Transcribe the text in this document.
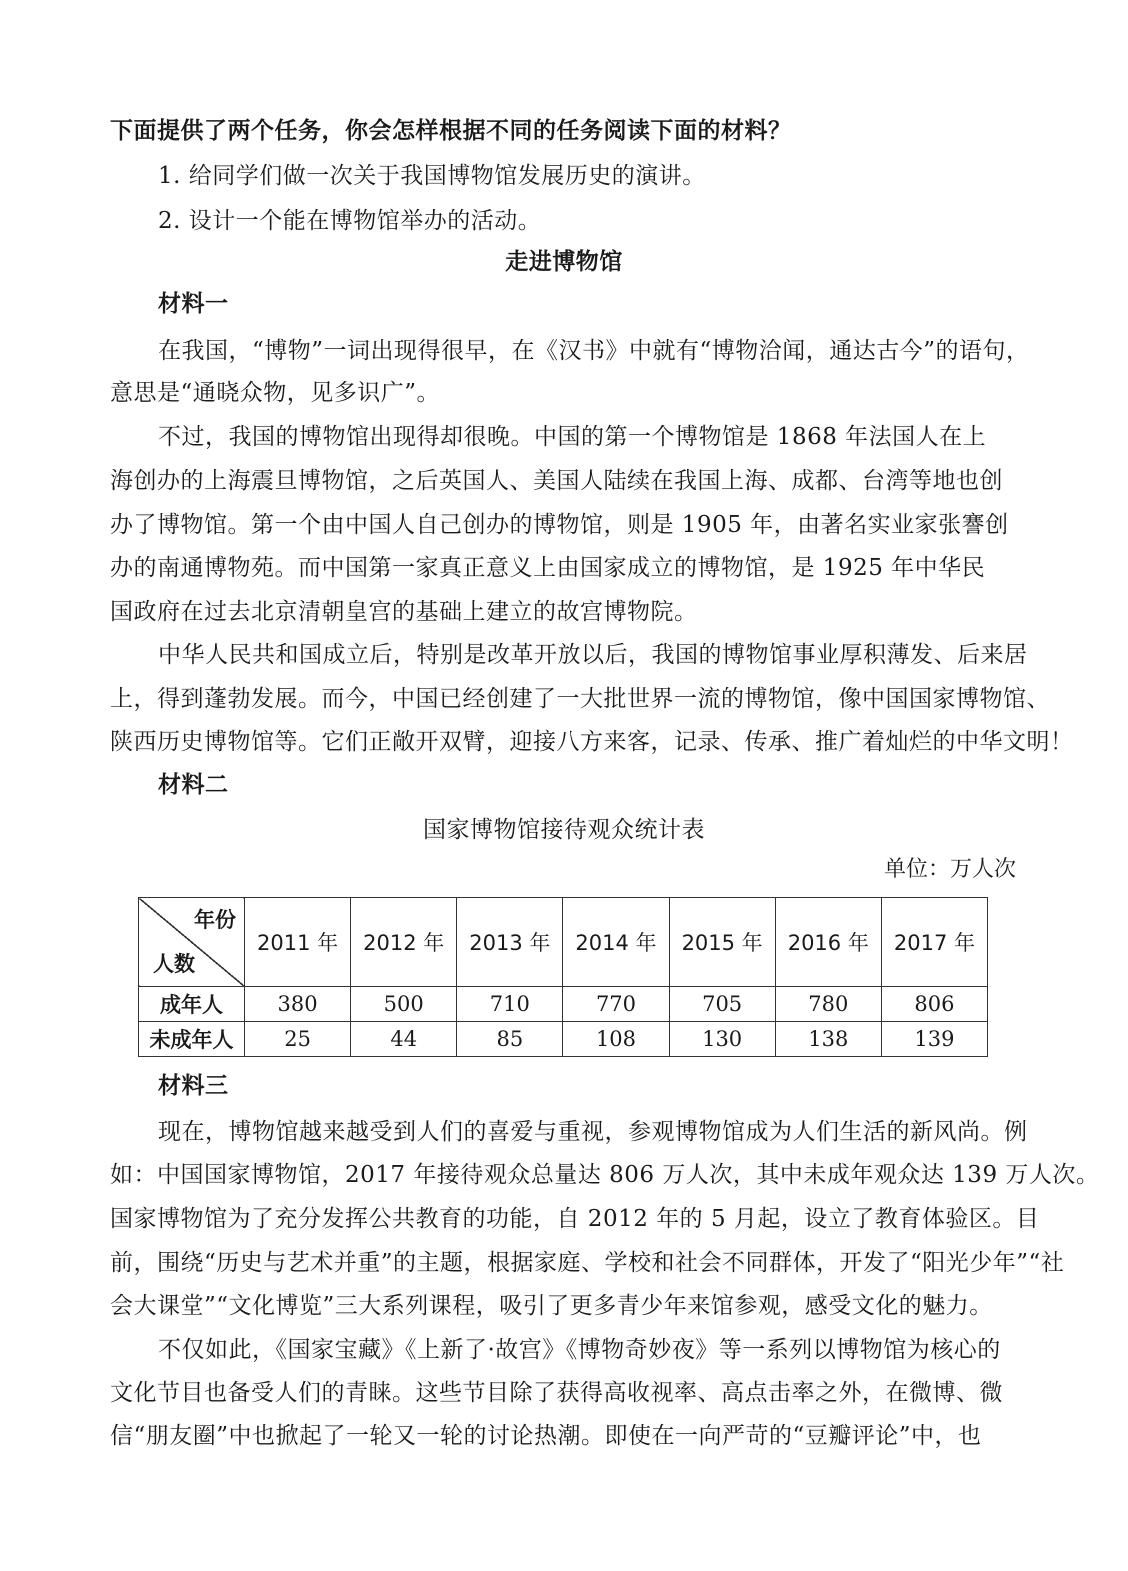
下面提供了两个任务，你会怎样根据不同的任务阅读下面的材料？
1. 给同学们做一次关于我国博物馆发展历史的演讲。
2. 设计一个能在博物馆举办的活动。
走进博物馆
材料一
在我国，“博物”一词出现得很早，在《汉书》中就有“博物洽闻，通达古今”的语句，
意思是“通晓众物，见多识广”。
不过，我国的博物馆出现得却很晚。中国的第一个博物馆是 1868 年法国人在上
海创办的上海震旦博物馆，之后英国人、美国人陆续在我国上海、成都、台湾等地也创
办了博物馆。第一个由中国人自己创办的博物馆，则是 1905 年，由著名实业家张謇创
办的南通博物苑。而中国第一家真正意义上由国家成立的博物馆，是 1925 年中华民
国政府在过去北京清朝皇宫的基础上建立的故宫博物院。
中华人民共和国成立后，特别是改革开放以后，我国的博物馆事业厚积薄发、后来居
上，得到蓬勃发展。而今，中国已经创建了一大批世界一流的博物馆，像中国国家博物馆、
陕西历史博物馆等。它们正敞开双臂，迎接八方来客，记录、传承、推广着灿烂的中华文明！
材料二
国家博物馆接待观众统计表
单位：万人次
年份
人数	2011 年	2012 年	2013 年	2014 年	2015 年	2016 年	2017 年
成年人	380	500	710	770	705	780	806
未成年人	25	44	85	108	130	138	139
材料三
现在，博物馆越来越受到人们的喜爱与重视，参观博物馆成为人们生活的新风尚。例
如：中国国家博物馆，2017 年接待观众总量达 806 万人次，其中未成年观众达 139 万人次。
国家博物馆为了充分发挥公共教育的功能，自 2012 年的 5 月起，设立了教育体验区。目
前，围绕“历史与艺术并重”的主题，根据家庭、学校和社会不同群体，开发了“阳光少年”“社
会大课堂”“文化博览”三大系列课程，吸引了更多青少年来馆参观，感受文化的魅力。
不仅如此，《国家宝藏》《上新了·故宫》《博物奇妙夜》等一系列以博物馆为核心的
文化节目也备受人们的青睐。这些节目除了获得高收视率、高点击率之外，在微博、微
信“朋友圈”中也掀起了一轮又一轮的讨论热潮。即使在一向严苛的“豆瓣评论”中，也
